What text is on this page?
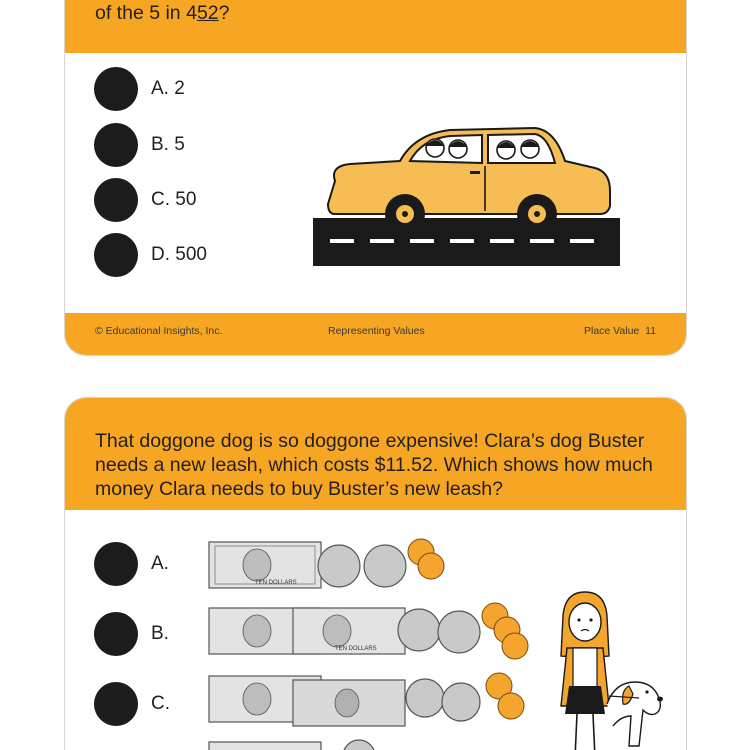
of the 5 in 452?
A. 2
B. 5
C. 50
D. 500
© Educational Insights, Inc.	Representing Values	Place Value 11
That doggone dog is so doggone expensive! Clara’s dog Buster needs a new leash, which costs $11.52. Which shows how much money Clara needs to buy Buster’s new leash?
A.
B.
C.
TEN DOLLARS
TEN DOLLARS
